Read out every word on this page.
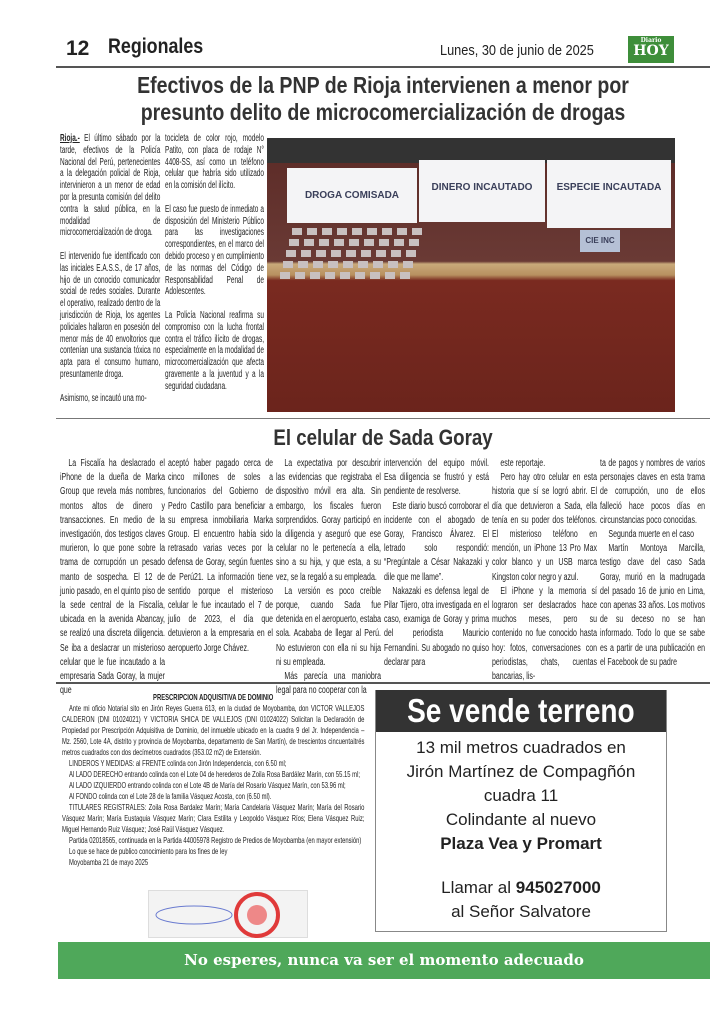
12 Regionales	Lunes, 30 de junio de 2025
Diario
HOY
Efectivos de la PNP de Rioja intervienen a menor por presunto delito de microcomercialización de drogas

Rioja.- El último sábado por la tarde, efectivos de la Policía Nacional del Perú, pertenecientes a la delegación policial de Rioja, intervinieron a un menor de edad por la presunta comisión del delito contra la salud pública, en la modalidad de microcomercialización de droga.

El intervenido fue identificado con las iniciales E.A.S.S., de 17 años, hijo de un conocido comunicador social de redes sociales. Durante el operativo, realizado dentro de la jurisdicción de Rioja, los agentes policiales hallaron en posesión del menor más de 40 envoltorios que contenían una sustancia tóxica no apta para el consumo humano, presuntamente droga.

Asimismo, se incautó una mo-

tocicleta de color rojo, modelo Patito, con placa de rodaje N° 4408-SS, así como un teléfono celular que habría sido utilizado en la comisión del ilícito.

El caso fue puesto de inmediato a disposición del Ministerio Público para las investigaciones correspondientes, en el marco del debido proceso y en cumplimiento de las normas del Código de Responsabilidad Penal de Adolescentes.

La Policía Nacional reafirma su compromiso con la lucha frontal contra el tráfico ilícito de drogas, especialmente en la modalidad de microcomercialización que afecta gravemente a la juventud y a la seguridad ciudadana.

DROGA COMISADA
DINERO INCAUTADO	ESPECIE INCAUTADA
CIE INC
El celular de Sada Goray

La Fiscalía ha deslacrado el iPhone de la dueña de Marka Group que revela más nombres, montos altos de dinero y transacciones. En medio de la investigación, dos testigos claves murieron, lo que pone sobre la trama de corrupción un pesado manto de sospecha. El 12 de junio pasado, en el quinto piso de la sede central de la Fiscalía, ubicada en la avenida Abancay, se realizó una discreta diligencia. Se iba a deslacrar un misterioso celular que le fue incautado a la empresaria Sada Goray, la mujer que

aceptó haber pagado cerca de cinco millones de soles a funcionarios del Gobierno de Pedro Castillo para beneficiar a su empresa inmobiliaria Marka Group. El encuentro había sido retrasado varias veces por la defensa de Goray, según fuentes de Perú21. La información tiene sentido porque el misterioso celular le fue incautado el 7 de julio de 2023, el día que detuvieron a la empresaria en el aeropuerto Jorge Chávez.

La expectativa por descubrir las evidencias que registraba el dispositivo móvil era alta. Sin embargo, los fiscales fueron sorprendidos. Goray participó en la diligencia y aseguró que ese celular no le pertenecía a ella, sino a su hija, y que esta, a su vez, se la regaló a su empleada.

La versión es poco creíble porque, cuando Sada fue detenida en el aeropuerto, estaba sola. Acababa de llegar al Perú. No estuvieron con ella ni su hija ni su empleada.

Más parecía una maniobra legal para no cooperar con la

intervención del equipo móvil. Esa diligencia se frustró y está pendiente de resolverse.

Este diario buscó corroborar el incidente con el abogado de Goray, Francisco Álvarez. El letrado solo respondió: “Pregúntale a César Nakazaki y dile que me llame”.

Nakazaki es defensa legal de Pilar Tijero, otra investigada en el caso, examiga de Goray y prima del periodista Mauricio Fernandini. Su abogado no quiso declarar para

este reportaje.

Pero hay otro celular en esta historia que sí se logró abrir. El día que detuvieron a Sada, ella tenía en su poder dos teléfonos. El misterioso teléfono en mención, un iPhone 13 Pro Max color blanco y un USB marca Kingston color negro y azul.

El iPhone y la memoria sí lograron ser deslacrados hace muchos meses, pero su contenido no fue conocido hasta hoy: fotos, conversaciones con periodistas, chats, cuentas bancarias, lis-

ta de pagos y nombres de varios personajes claves en esta trama de corrupción, uno de ellos falleció hace pocos días en circunstancias poco conocidas.

Segunda muerte en el caso

Martín Montoya Marcilla, testigo clave del caso Sada Goray, murió en la madrugada del pasado 16 de junio en Lima, con apenas 33 años. Los motivos de su deceso no se han informado. Todo lo que se sabe es a partir de una publicación en el Facebook de su padre

PRESCRIPCION ADQUISITIVA DE DOMINIO

Ante mi oficio Notarial sito en Jirón Reyes Guerra 613, en la ciudad de Moyobamba, don VICTOR VALLEJOS CALDERON (DNI 01024021) Y VICTORIA SHICA DE VALLEJOS (DNI 01024022) Solicitan la Declaración de Propiedad por Prescripción Adquisitiva de Dominio, del inmueble ubicado en la cuadra 9 del Jr. Independencia – Mz. 2560, Lote 4A, distrito y provincia de Moyobamba, departamento de San Martín), de trescientos cincuentaitrés metros cuadrados con dos decímetros cuadrados (353.02 m2) de Extensión.

LINDEROS Y MEDIDAS: al FRENTE colinda con Jirón Independencia, con 6.50 ml;

Al LADO DERECHO entrando colinda con el Lote 04 de herederos de Zoila Rosa Bardález Marín, con 55.15 ml;

Al LADO IZQUIERDO entrando colinda con el Lote 4B de María del Rosario Vásquez Marín, con 53.96 ml;

Al FONDO colinda con el Lote 28 de la familia Vásquez Acosta, con (6.50 ml).

TITULARES REGISTRALES: Zoila Rosa Bardalez Marín; María Candelaria Vásquez Marín; María del Rosario Vásquez Marín; María Eustaquia Vásquez Marín; Clara Estilita y Leopoldo Vásquez Ríos; Elena Vásquez Ruiz; Miguel Hernando Ruiz Vásquez; José Raúl Vásquez Vásquez.

Partida 02018565, continuada en la Partida 44005978 Registro de Predios de Moyobamba (en mayor extensión)

Lo que se hace de publico conocimiento para los fines de ley

Moyobamba 21 de mayo 2025

Se vende terreno
13 mil metros cuadrados en
Jirón Martínez de Compagñón
cuadra 11
Colindante al nuevo
Plaza Vea y Promart
Llamar al 945027000
al Señor Salvatore
No esperes, nunca va ser el momento adecuado
